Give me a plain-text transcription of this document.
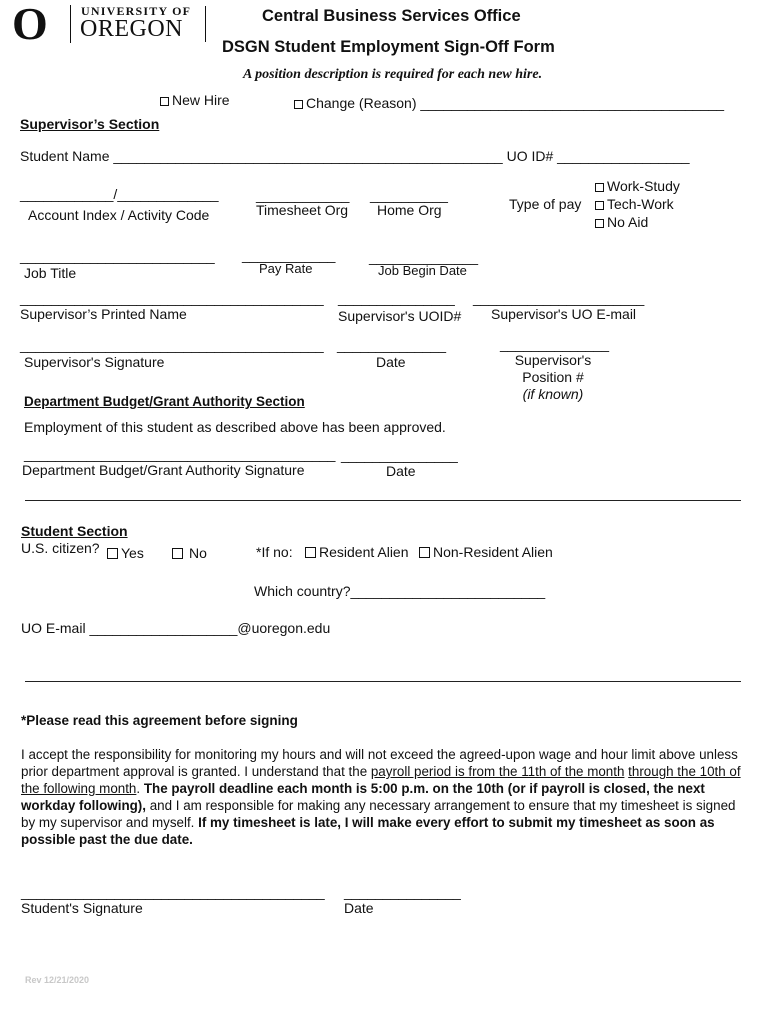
O	UNIVERSITY OF
OREGON	Central Business Services Office
DSGN Student Employment Sign-Off Form
A position description is required for each new hire.
New Hire	Change (Reason) _______________________________________
Supervisor’s Section
Student Name __________________________________________________ UO ID# _________________
____________/_____________
Account Index / Activity Code
____________
Timesheet Org
__________
Home Org	Type of pay
Work-Study
Tech-Work
No Aid
_________________________
Job Title
____________
Pay Rate
______________
Job Begin Date
_______________________________________
Supervisor’s Printed Name
_______________
Supervisor's UOID#
______________________
Supervisor's UO E-mail
_______________________________________
Supervisor's Signature
______________
Date
______________
Supervisor's
Position #
(if known)
Department Budget/Grant Authority Section
Employment of this student as described above has been approved.
________________________________________
Department Budget/Grant Authority Signature
_______________
Date
Student Section
U.S. citizen?	Yes	No	*If no:	Resident Alien	Non-Resident Alien
Which country?_________________________
UO E-mail ___________________@uoregon.edu
*Please read this agreement before signing
I accept the responsibility for monitoring my hours and will not exceed the agreed-upon wage and hour limit above unless prior department approval is granted. I understand that the payroll period is from the 11th of the month through the 10th of the following month. The payroll deadline each month is 5:00 p.m. on the 10th (or if payroll is closed, the next workday following), and I am responsible for making any necessary arrangement to ensure that my timesheet is signed by my supervisor and myself. If my timesheet is late, I will make every effort to submit my timesheet as soon as possible past the due date.
_______________________________________
Student's Signature
_______________
Date
Rev 12/21/2020
